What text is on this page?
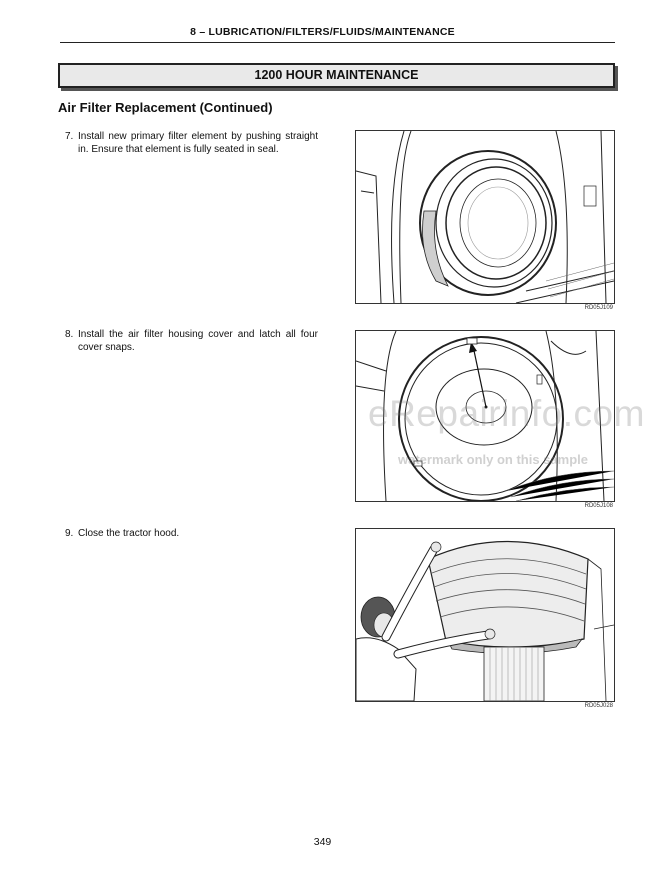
8 – LUBRICATION/FILTERS/FLUIDS/MAINTENANCE
1200 HOUR MAINTENANCE
Air Filter Replacement (Continued)
7. Install new primary filter element by pushing straight in. Ensure that element is fully seated in seal.
8. Install the air filter housing cover and latch all four cover snaps.
9. Close the tractor hood.
RD05J109
RD05J108
RD05J028
eRepairinfo.com
watermark only on this sample
349
